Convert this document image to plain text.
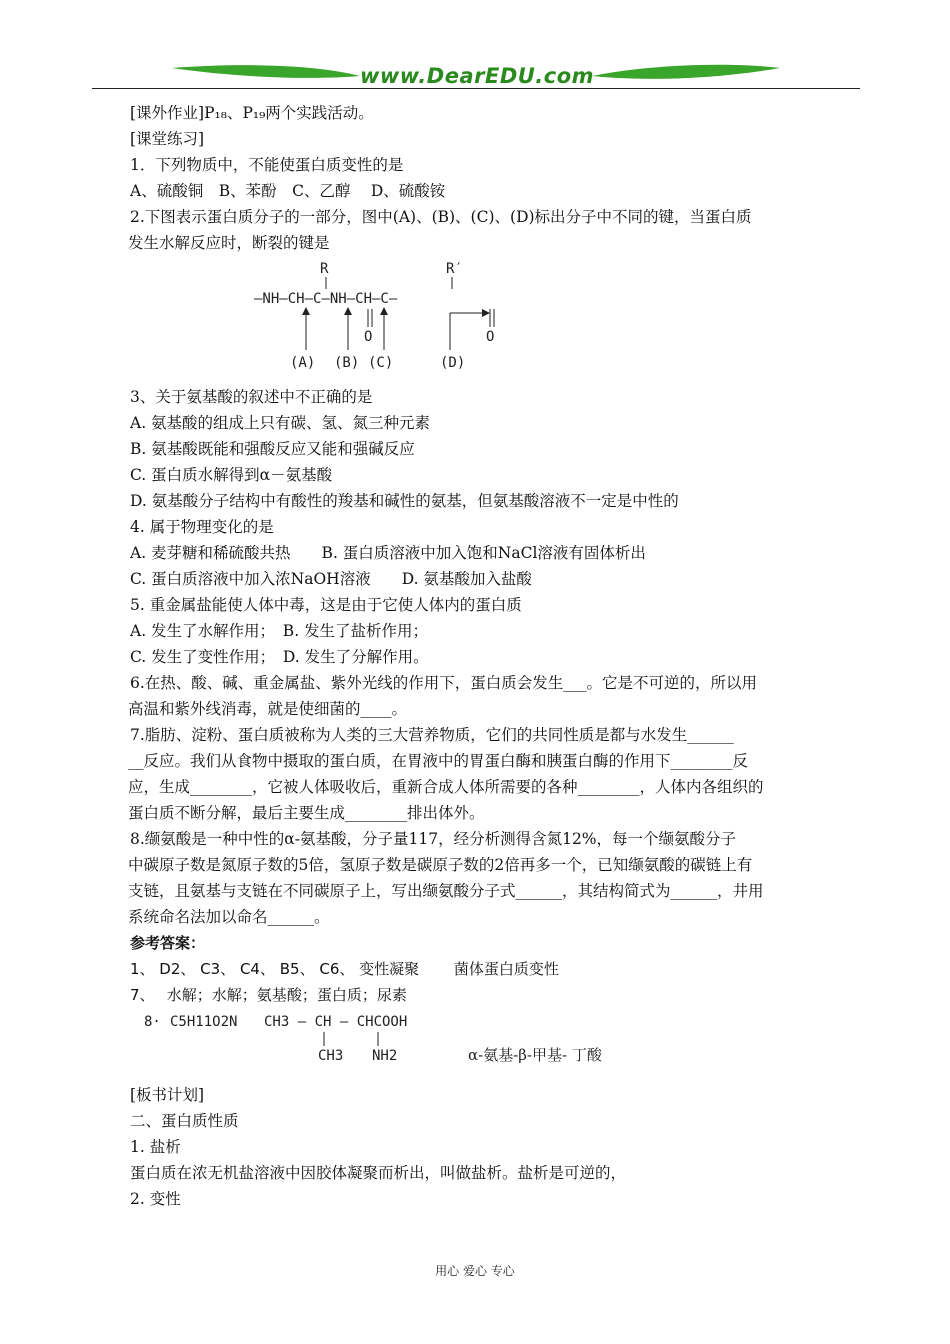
www.DearEDU.com
[课外作业]P₁₈、P₁₉两个实践活动。
[课堂练习]
1．下列物质中，不能使蛋白质变性的是
A、硫酸铜　B、苯酚　C、乙醇　 D、硫酸铵
2.下图表示蛋白质分子的一部分，图中(A)、(B)、(C)、(D)标出分子中不同的键，当蛋白质
发生水解反应时，断裂的键是
3、关于氨基酸的叙述中不正确的是
A. 氨基酸的组成上只有碳、氢、氮三种元素
B. 氨基酸既能和强酸反应又能和强碱反应
C. 蛋白质水解得到α－氨基酸
D. 氨基酸分子结构中有酸性的羧基和碱性的氨基，但氨基酸溶液不一定是中性的
4. 属于物理变化的是
A. 麦芽糖和稀硫酸共热　　B. 蛋白质溶液中加入饱和NaCl溶液有固体析出
C. 蛋白质溶液中加入浓NaOH溶液　　D. 氨基酸加入盐酸
5. 重金属盐能使人体中毒，这是由于它使人体内的蛋白质
A. 发生了水解作用；　B. 发生了盐析作用；
C. 发生了变性作用；　D. 发生了分解作用。
6.在热、酸、碱、重金属盐、紫外光线的作用下，蛋白质会发生___。它是不可逆的，所以用
高温和紫外线消毒，就是使细菌的____。
7.脂肪、淀粉、蛋白质被称为人类的三大营养物质，它们的共同性质是都与水发生______
__反应。我们从食物中摄取的蛋白质，在胃液中的胃蛋白酶和胰蛋白酶的作用下________反
应，生成________，它被人体吸收后，重新合成人体所需要的各种________，人体内各组织的
蛋白质不断分解，最后主要生成________排出体外。
8.缬氨酸是一种中性的α-氨基酸，分子量117，经分析测得含氮12%，每一个缬氨酸分子
中碳原子数是氮原子数的5倍，氢原子数是碳原子数的2倍再多一个，已知缬氨酸的碳链上有
支链，且氨基与支链在不同碳原子上，写出缬氨酸分子式______，其结构简式为______，井用
系统命名法加以命名______。
参考答案：
1、 D2、 C3、 C4、 B5、 C6、 变性凝聚　　 菌体蛋白质变性
7、　 水解；水解；氨基酸；蛋白质；尿素
[板书计划]
二、蛋白质性质
1. 盐析
蛋白质在浓无机盐溶液中因胶体凝聚而析出，叫做盐析。盐析是可逆的，
2. 变性
R	R′
—NH—CH—C—NH—CH—C—
O	O
(A) (B) (C)	(D)
8· C5H11O2N CH3 — CH — CHCOOH
CH3 NH2	α-氨基-β-甲基- 丁酸
用心 爱心 专心
